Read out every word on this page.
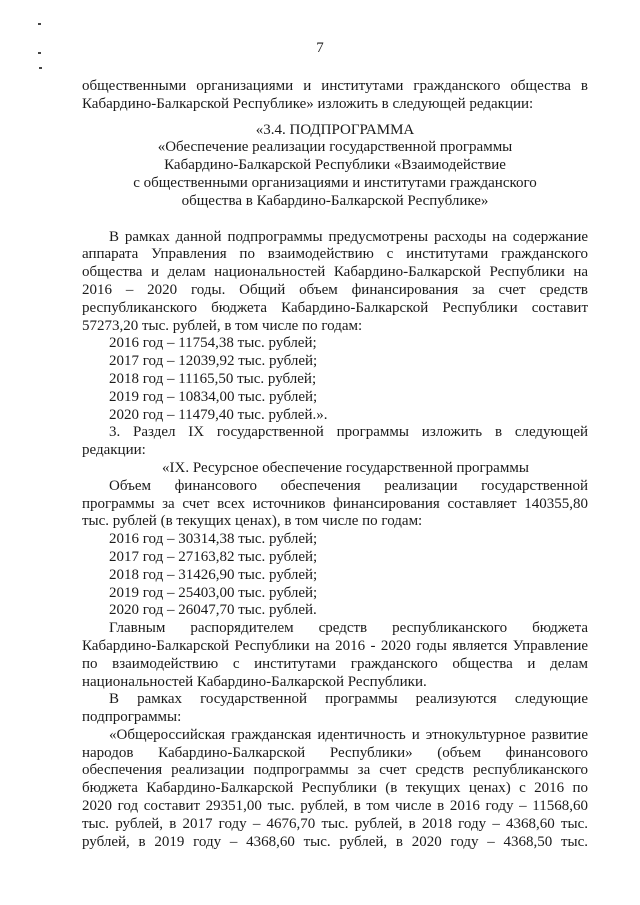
7

общественными организациями и институтами гражданского общества в

Кабардино-Балкарской Республике» изложить в следующей редакции:

«3.4. ПОДПРОГРАММА
«Обеспечение реализации государственной программы
Кабардино-Балкарской Республики «Взаимодействие
с общественными организациями и институтами гражданского
общества в Кабардино-Балкарской Республике»

В рамках данной подпрограммы предусмотрены расходы на содержание

аппарата Управления по взаимодействию с институтами гражданского

общества и делам национальностей Кабардино-Балкарской Республики на

2016 – 2020 годы. Общий объем финансирования за счет средств

республиканского бюджета Кабардино-Балкарской Республики составит

57273,20 тыс. рублей, в том числе по годам:

2016 год – 11754,38 тыс. рублей;

2017 год – 12039,92 тыс. рублей;

2018 год – 11165,50 тыс. рублей;

2019 год – 10834,00 тыс. рублей;

2020 год – 11479,40 тыс. рублей.».

3. Раздел IX государственной программы изложить в следующей

редакции:

«IX. Ресурсное обеспечение государственной программы

Объем финансового обеспечения реализации государственной

программы за счет всех источников финансирования составляет 140355,80

тыс. рублей (в текущих ценах), в том числе по годам:

2016 год – 30314,38 тыс. рублей;

2017 год – 27163,82 тыс. рублей;

2018 год – 31426,90 тыс. рублей;

2019 год – 25403,00 тыс. рублей;

2020 год – 26047,70 тыс. рублей.

Главным распорядителем средств республиканского бюджета

Кабардино-Балкарской Республики на 2016 - 2020 годы является Управление

по взаимодействию с институтами гражданского общества и делам

национальностей Кабардино-Балкарской Республики.

В рамках государственной программы реализуются следующие

подпрограммы:

«Общероссийская гражданская идентичность и этнокультурное развитие

народов Кабардино-Балкарской Республики» (объем финансового

обеспечения реализации подпрограммы за счет средств республиканского

бюджета Кабардино-Балкарской Республики (в текущих ценах) с 2016 по

2020 год составит 29351,00 тыс. рублей, в том числе в 2016 году – 11568,60

тыс. рублей, в 2017 году – 4676,70 тыс. рублей, в 2018 году – 4368,60 тыс.

рублей, в 2019 году – 4368,60 тыс. рублей, в 2020 году – 4368,50 тыс.
